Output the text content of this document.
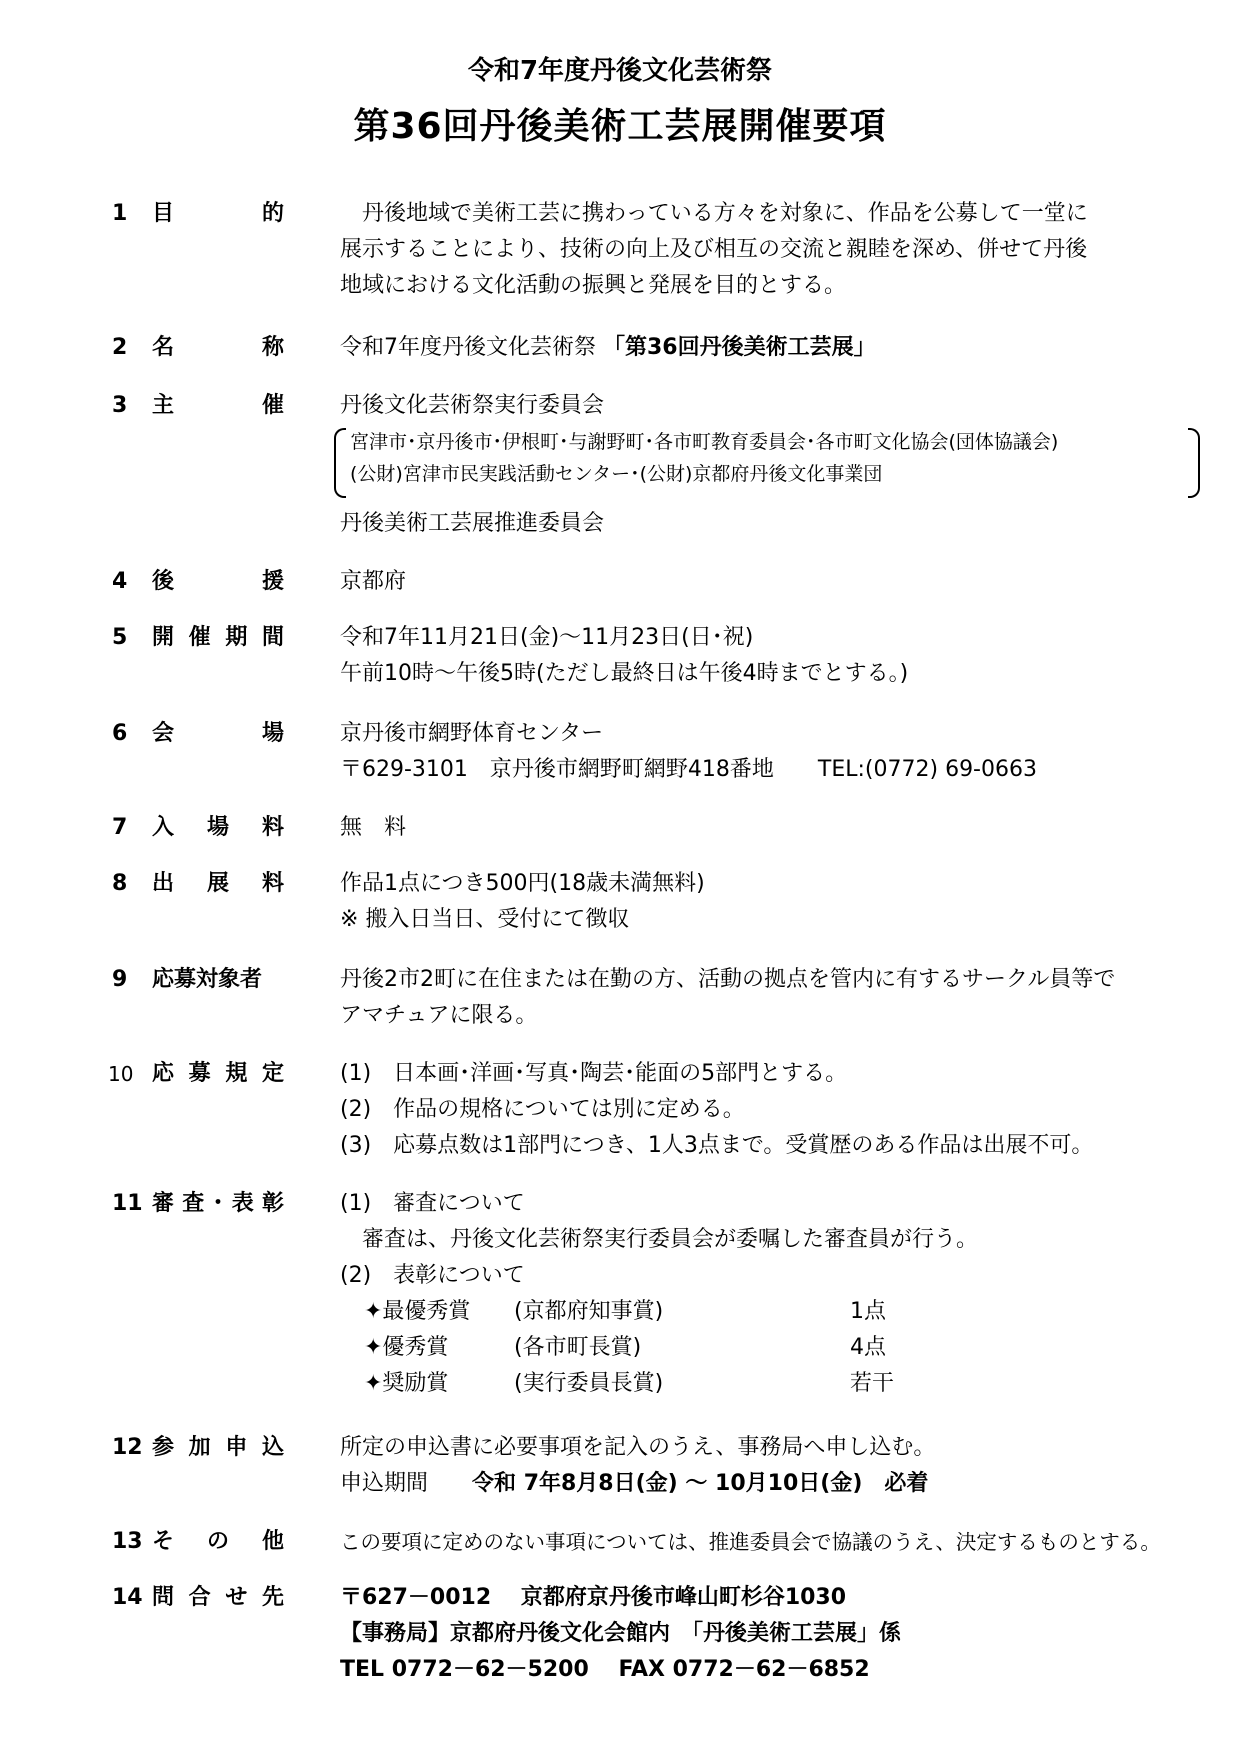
令和7年度丹後文化芸術祭
第36回丹後美術工芸展開催要項
1	目	的	丹後地域で美術工芸に携わっている方々を対象に、作品を公募して一堂に
展示することにより、技術の向上及び相互の交流と親睦を深め、併せて丹後
地域における文化活動の振興と発展を目的とする。
2	名	称	令和7年度丹後文化芸術祭 「第36回丹後美術工芸展」
3	主	催	丹後文化芸術祭実行委員会
宮津市･京丹後市･伊根町･与謝野町･各市町教育委員会･各市町文化協会(団体協議会)
(公財)宮津市民実践活動センター･(公財)京都府丹後文化事業団
丹後美術工芸展推進委員会
4	後	援	京都府
5	開 催 期 間	令和7年11月21日(金)～11月23日(日･祝)
午前10時～午後5時(ただし最終日は午後4時までとする。)
6	会	場	京丹後市網野体育センター
〒629-3101　京丹後市網野町網野418番地　　TEL:(0772) 69-0663
7	入 場 料	無　料
8	出 展 料	作品1点につき500円(18歳未満無料)
※ 搬入日当日、受付にて徴収
9	応募対象者	丹後2市2町に在住または在勤の方、活動の拠点を管内に有するサークル員等で
アマチュアに限る。
10 応 募 規 定	(1)　日本画･洋画･写真･陶芸･能面の5部門とする。
(2)　作品の規格については別に定める。
(3)　応募点数は1部門につき、1人3点まで。受賞歴のある作品は出展不可。
11 審 査 ･ 表 彰	(1)　審査について
審査は、丹後文化芸術祭実行委員会が委嘱した審査員が行う。
(2)　表彰について
✦最優秀賞	(京都府知事賞)	1点
✦優秀賞	(各市町長賞)	4点
✦奨励賞	(実行委員長賞)	若干
12 参 加 申 込	所定の申込書に必要事項を記入のうえ、事務局へ申し込む。
申込期間　　 令和 7年8月8日(金) ～ 10月10日(金)　必着
13 そ の 他	この要項に定めのない事項については、推進委員会で協議のうえ、決定するものとする。
14 問 合 せ 先	〒627－0012　 京都府京丹後市峰山町杉谷1030
【事務局】京都府丹後文化会館内　「丹後美術工芸展」係
TEL 0772－62－5200　 FAX 0772－62－6852
